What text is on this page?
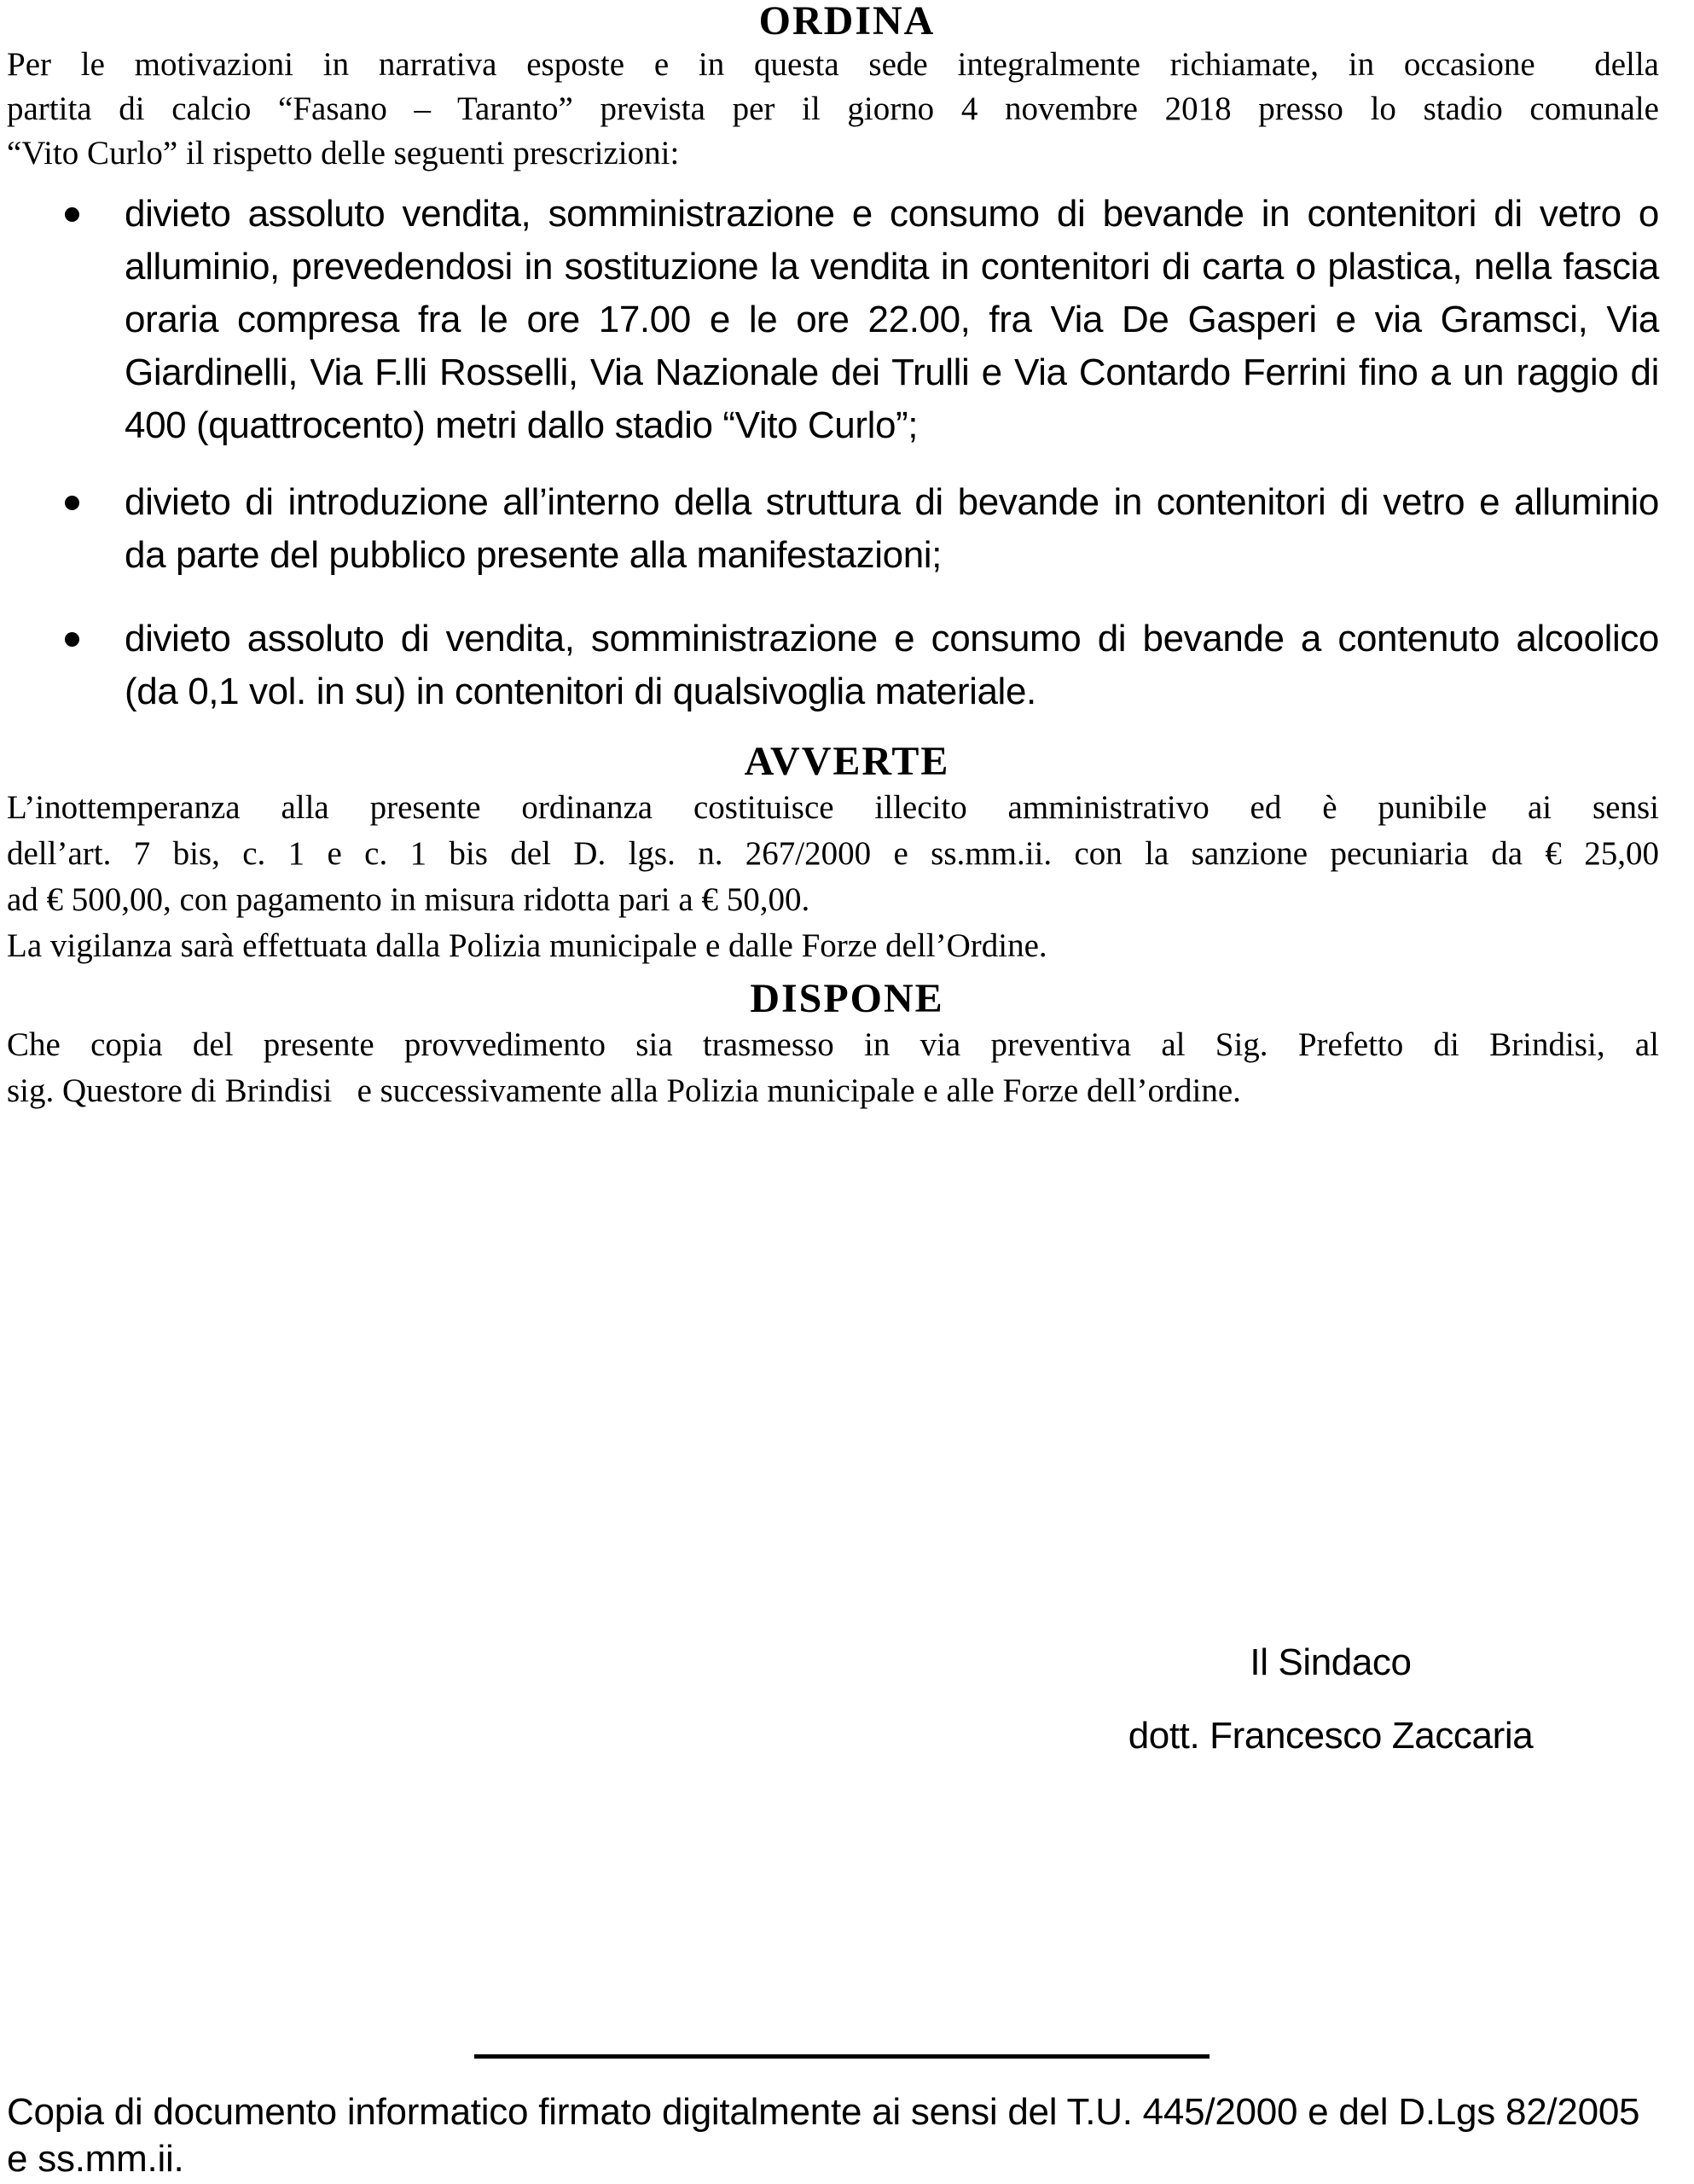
ORDINA
Per le motivazioni in narrativa esposte e in questa sede integralmente richiamate, in occasione  della
partita di calcio “Fasano – Taranto” prevista per il giorno 4 novembre 2018 presso lo stadio comunale
“Vito Curlo” il rispetto delle seguenti prescrizioni:
divieto assoluto vendita, somministrazione e consumo di bevande in contenitori di vetro o
alluminio, prevedendosi in sostituzione la vendita in contenitori di carta o plastica, nella fascia
oraria compresa fra le ore 17.00 e le ore 22.00, fra Via De Gasperi e via Gramsci, Via
Giardinelli, Via F.lli Rosselli, Via Nazionale dei Trulli e Via Contardo Ferrini fino a un raggio di
400 (quattrocento) metri dallo stadio “Vito Curlo”;
divieto di introduzione all’interno della struttura di bevande in contenitori di vetro e alluminio
da parte del pubblico presente alla manifestazioni;
divieto assoluto di vendita, somministrazione e consumo di bevande a contenuto alcoolico
(da 0,1 vol. in su) in contenitori di qualsivoglia materiale.
AVVERTE
L’inottemperanza alla presente ordinanza costituisce illecito amministrativo ed è punibile ai sensi
dell’art. 7 bis, c. 1 e c. 1 bis del D. lgs. n. 267/2000 e ss.mm.ii. con la sanzione pecuniaria da € 25,00
ad € 500,00, con pagamento in misura ridotta pari a € 50,00.
La vigilanza sarà effettuata dalla Polizia municipale e dalle Forze dell’Ordine.
DISPONE
Che copia del presente provvedimento sia trasmesso in via preventiva al Sig. Prefetto di Brindisi, al
sig. Questore di Brindisi   e successivamente alla Polizia municipale e alle Forze dell’ordine.
Il Sindaco
dott. Francesco Zaccaria
Copia di documento informatico firmato digitalmente ai sensi del T.U. 445/2000 e del D.Lgs 82/2005
e ss.mm.ii.
